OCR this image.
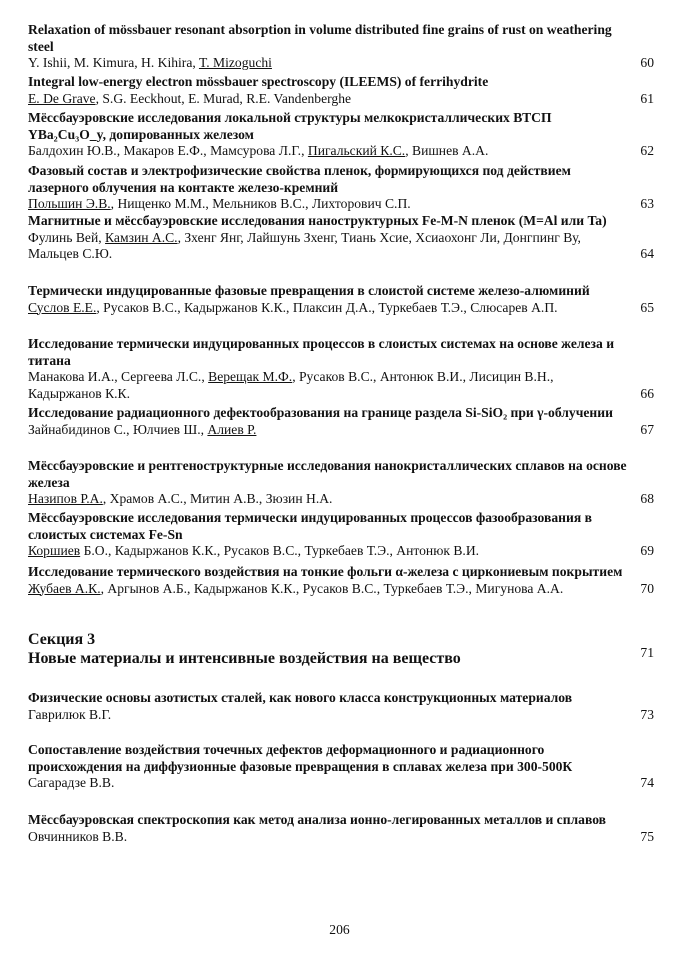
Relaxation of mössbauer resonant absorption in volume distributed fine grains of rust on weathering steel
Y. Ishii, M. Kimura, H. Kihira, T. Mizoguchi	60
Integral low-energy electron mössbauer spectroscopy (ILEEMS) of ferrihydrite
E. De Grave, S.G. Eeckhout, E. Murad, R.E. Vandenberghe	61
Мёссбауэровские исследования локальной структуры мелкокристаллических ВТСП YBa₂Cu₃O_y, допированных железом
Балдохин Ю.В., Макаров Е.Ф., Мамсурова Л.Г., Пигальский К.С., Вишнев А.А.	62
Фазовый состав и электрофизические свойства пленок, формирующихся под действием лазерного облучения на контакте железо-кремний
Польшин Э.В., Нищенко М.М., Мельников В.С., Лихторович С.П.	63
Магнитные и мёссбауэровские исследования наноструктурных Fe-M-N пленок (M=Al или Ta)
Фулинь Вей, Камзин А.С., Зхенг Янг, Лайшунь Зхенг, Тиань Хсие, Хсиаохонг Ли, Донгпинг Ву, Мальцев С.Ю.	64
Термически индуцированные фазовые превращения в слоистой системе железо-алюминий
Суслов Е.Е., Русаков В.С., Кадыржанов К.К., Плаксин Д.А., Туркебаев Т.Э., Слюсарев А.П.	65
Исследование термически индуцированных процессов в слоистых системах на основе железа и титана
Манакова И.А., Сергеева Л.С., Верещак М.Ф., Русаков В.С., Антонюк В.И., Лисицин В.Н., Кадыржанов К.К.	66
Исследование радиационного дефектообразования на границе раздела Si-SiO₂ при γ-облучении
Зайнабидинов С., Юлчиев Ш., Алиев Р.	67
Мёссбауэровские и рентгеноструктурные исследования нанокристаллических сплавов на основе железа
Назипов Р.А., Храмов А.С., Митин А.В., Зюзин Н.А.	68
Мёссбауэровские исследования термически индуцированных процессов фазообразования в слоистых системах Fe-Sn
Коршиев Б.О., Кадыржанов К.К., Русаков В.С., Туркебаев Т.Э., Антонюк В.И.	69
Исследование термического воздействия на тонкие фольги α-железа с циркониевым покрытием
Жубаев А.К., Аргынов А.Б., Кадыржанов К.К., Русаков В.С., Туркебаев Т.Э., Мигунова А.А.	70
Секция 3
Новые материалы и интенсивные воздействия на вещество	71
Физические основы азотистых сталей, как нового класса конструкционных материалов
Гаврилюк В.Г.	73
Сопоставление воздействия точечных дефектов деформационного и радиационного происхождения на диффузионные фазовые превращения в сплавах железа при 300-500К
Сагарадзе В.В.	74
Мёссбауэровская спектроскопия как метод анализа ионно-легированных металлов и сплавов
Овчинников В.В.	75
206
